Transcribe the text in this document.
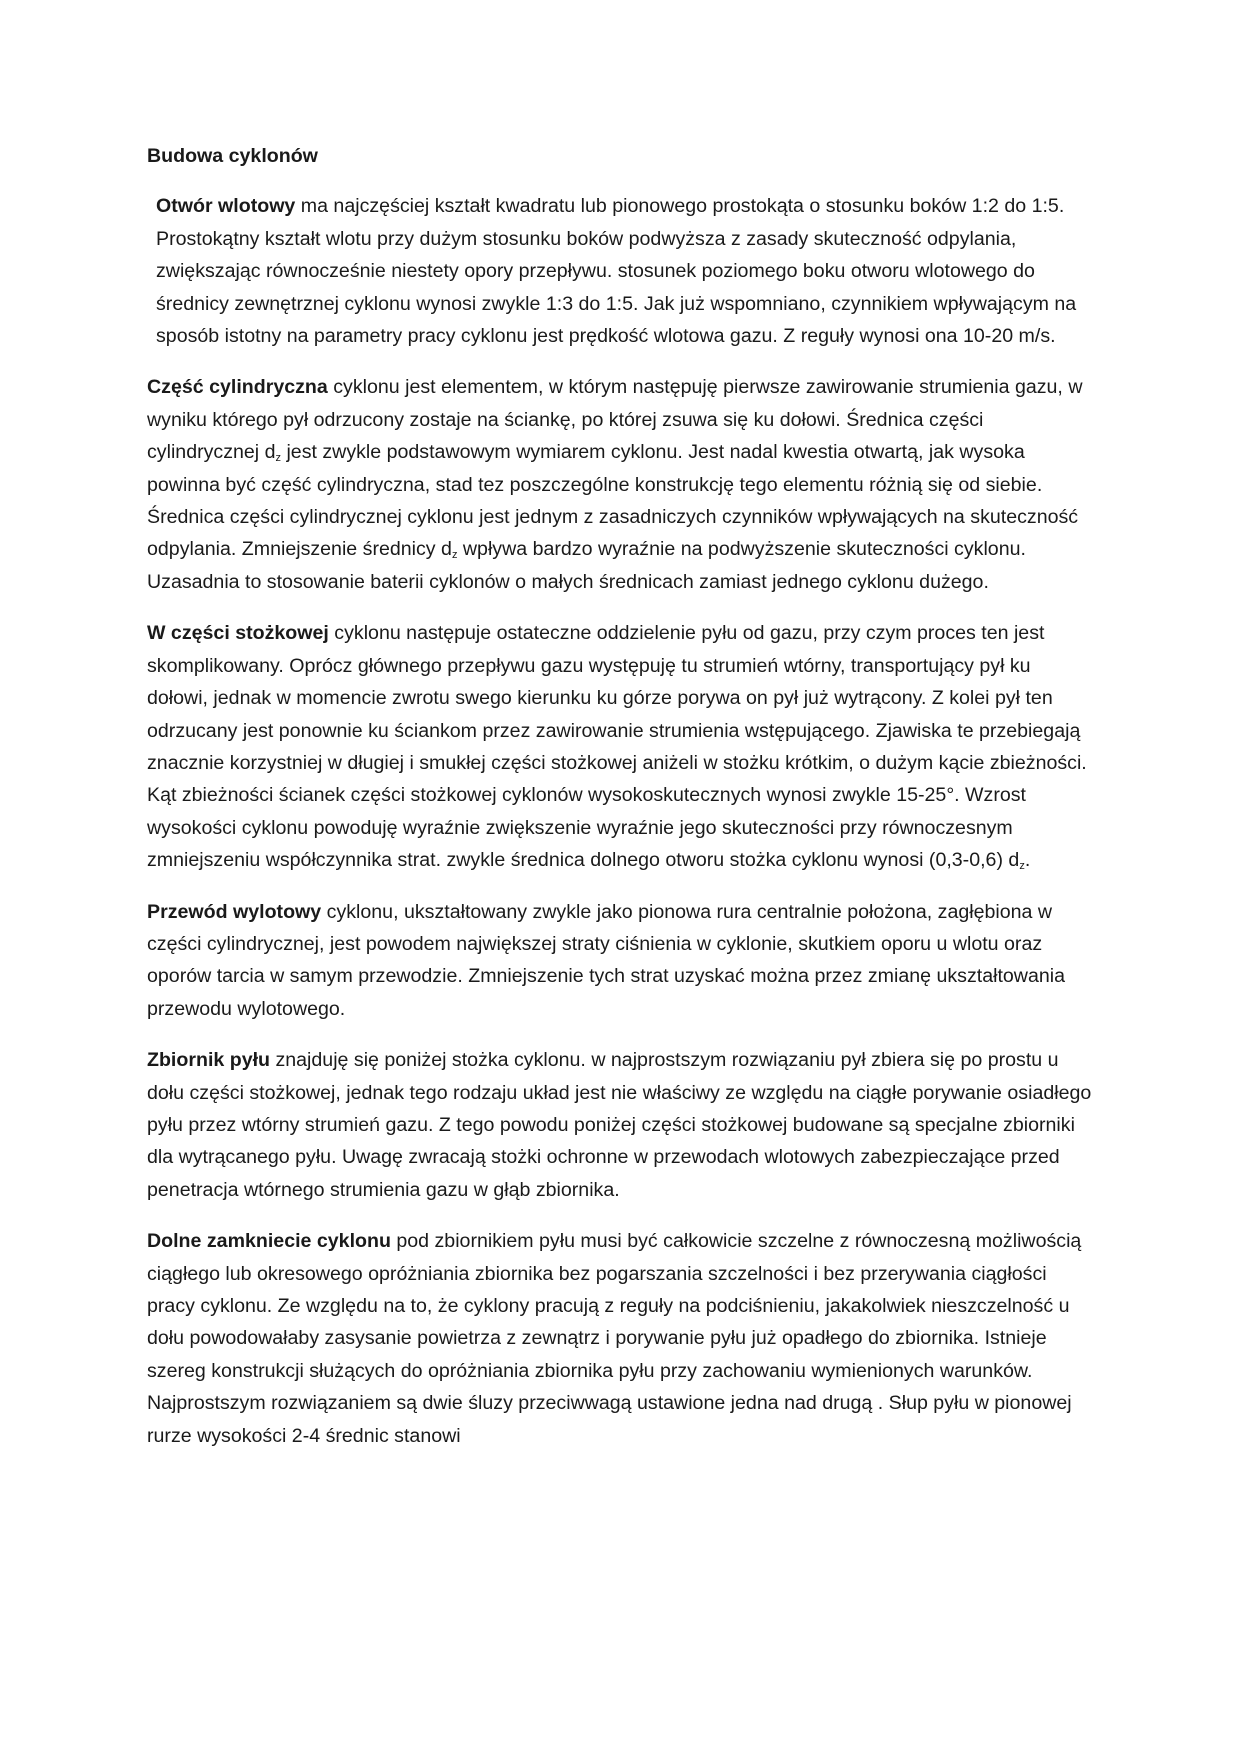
Budowa cyklonów

Otwór wlotowy ma najczęściej kształt kwadratu lub pionowego prostokąta o stosunku boków 1:2 do 1:5. Prostokątny kształt wlotu przy dużym stosunku boków podwyższa z zasady skuteczność odpylania, zwiększając równocześnie niestety opory przepływu. stosunek poziomego boku otworu wlotowego do średnicy zewnętrznej cyklonu wynosi zwykle 1:3 do 1:5. Jak już wspomniano, czynnikiem wpływającym na sposób istotny na parametry pracy cyklonu jest prędkość wlotowa gazu. Z reguły wynosi ona 10-20 m/s.

Część cylindryczna cyklonu jest elementem, w którym następuję pierwsze zawirowanie strumienia gazu, w wyniku którego pył odrzucony zostaje na ściankę, po której zsuwa się ku dołowi. Średnica części cylindrycznej $d_z$ jest zwykle podstawowym wymiarem cyklonu. Jest nadal kwestia otwartą, jak wysoka powinna być część cylindryczna, stad tez poszczególne konstrukcję tego elementu różnią się od siebie. Średnica części cylindrycznej cyklonu jest jednym z zasadniczych czynników wpływających na skuteczność odpylania. Zmniejszenie średnicy $d_z$ wpływa bardzo wyraźnie na podwyższenie skuteczności cyklonu. Uzasadnia to stosowanie baterii cyklonów o małych średnicach zamiast jednego cyklonu dużego.

W części stożkowej cyklonu następuje ostateczne oddzielenie pyłu od gazu, przy czym proces ten jest skomplikowany. Oprócz głównego przepływu gazu występuję tu strumień wtórny, transportujący pył ku dołowi, jednak w momencie zwrotu swego kierunku ku górze porywa on pył już wytrącony. Z kolei pył ten odrzucany jest ponownie ku ściankom przez zawirowanie strumienia wstępującego. Zjawiska te przebiegają znacznie korzystniej w długiej i smukłej części stożkowej aniżeli w stożku krótkim, o dużym kącie zbieżności. Kąt zbieżności ścianek części stożkowej cyklonów wysokoskutecznych wynosi zwykle 15-25°. Wzrost wysokości cyklonu powoduję wyraźnie zwiększenie wyraźnie jego skuteczności przy równoczesnym zmniejszeniu współczynnika strat. zwykle średnica dolnego otworu stożka cyklonu wynosi (0,3-0,6) $d_z$.

Przewód wylotowy cyklonu, ukształtowany zwykle jako pionowa rura centralnie położona, zagłębiona w części cylindrycznej, jest powodem największej straty ciśnienia w cyklonie, skutkiem oporu u wlotu oraz oporów tarcia w samym przewodzie. Zmniejszenie tych strat uzyskać można przez zmianę ukształtowania przewodu wylotowego.

Zbiornik pyłu znajduję się poniżej stożka cyklonu. w najprostszym rozwiązaniu pył zbiera się po prostu u dołu części stożkowej, jednak tego rodzaju układ jest nie właściwy ze względu na ciągłe porywanie osiadłego pyłu przez wtórny strumień gazu. Z tego powodu poniżej części stożkowej budowane są specjalne zbiorniki dla wytrącanego pyłu. Uwagę zwracają stożki ochronne w przewodach wlotowych zabezpieczające przed penetracja wtórnego strumienia gazu w głąb zbiornika.

Dolne zamkniecie cyklonu pod zbiornikiem pyłu musi być całkowicie szczelne z równoczesną możliwością ciągłego lub okresowego opróżniania zbiornika bez pogarszania szczelności i bez przerywania ciągłości pracy cyklonu. Ze względu na to, że cyklony pracują z reguły na podciśnieniu, jakakolwiek nieszczelność u dołu powodowałaby zasysanie powietrza z zewnątrz i porywanie pyłu już opadłego do zbiornika. Istnieje szereg konstrukcji służących do opróżniania zbiornika pyłu przy zachowaniu wymienionych warunków. Najprostszym rozwiązaniem są dwie śluzy przeciwwagą ustawione jedna nad drugą . Słup pyłu w pionowej rurze wysokości 2-4 średnic stanowi
